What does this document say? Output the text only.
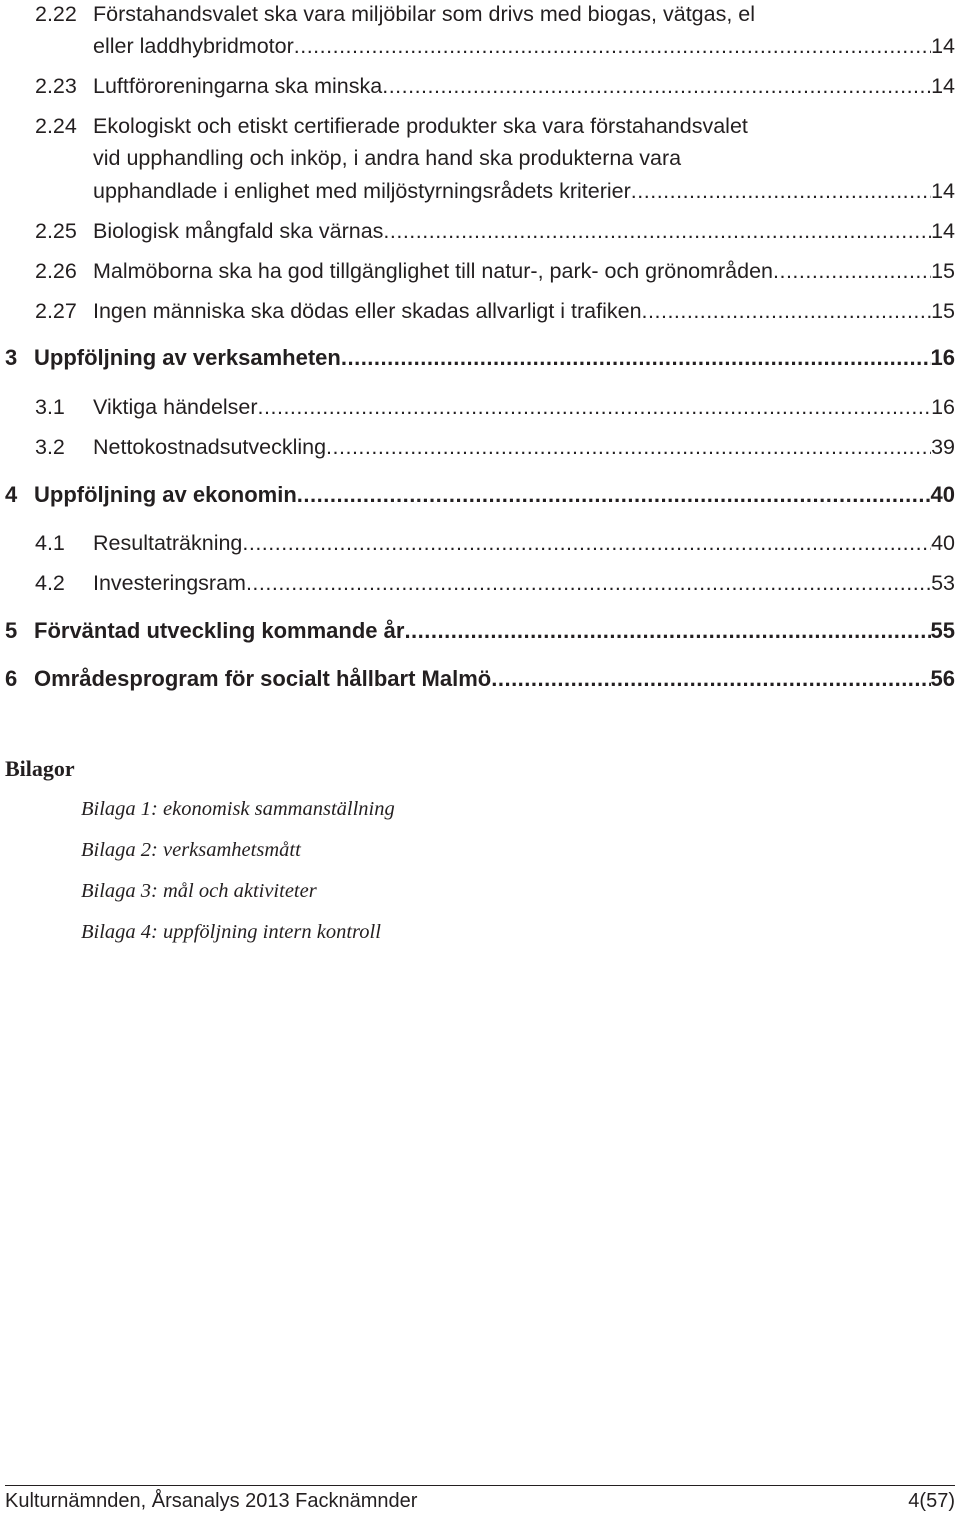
2.22 Förstahandsvalet ska vara miljöbilar som drivs med biogas, vätgas, el
eller laddhybridmotor .....	14
2.23 Luftföroreningarna ska minska .....	14
2.24 Ekologiskt och etiskt certifierade produkter ska vara förstahandsvalet
vid upphandling och inköp, i andra hand ska produkterna vara
upphandlade i enlighet med miljöstyrningsrådets kriterier .....	14
2.25 Biologisk mångfald ska värnas .....	14
2.26 Malmöborna ska ha god tillgänglighet till natur-, park- och grönområden .....	15
2.27 Ingen människa ska dödas eller skadas allvarligt i trafiken .....	15
3 Uppföljning av verksamheten .....	16
3.1 Viktiga händelser .....	16
3.2 Nettokostnadsutveckling .....	39
4 Uppföljning av ekonomin .....	40
4.1 Resultaträkning .....	40
4.2 Investeringsram .....	53
5 Förväntad utveckling kommande år .....	55
6 Områdesprogram för socialt hållbart Malmö .....	56
Bilagor
Bilaga 1: ekonomisk sammanställning
Bilaga 2: verksamhetsmått
Bilaga 3: mål och aktiviteter
Bilaga 4: uppföljning intern kontroll
Kulturnämnden, Årsanalys 2013 Facknämnder	4(57)
